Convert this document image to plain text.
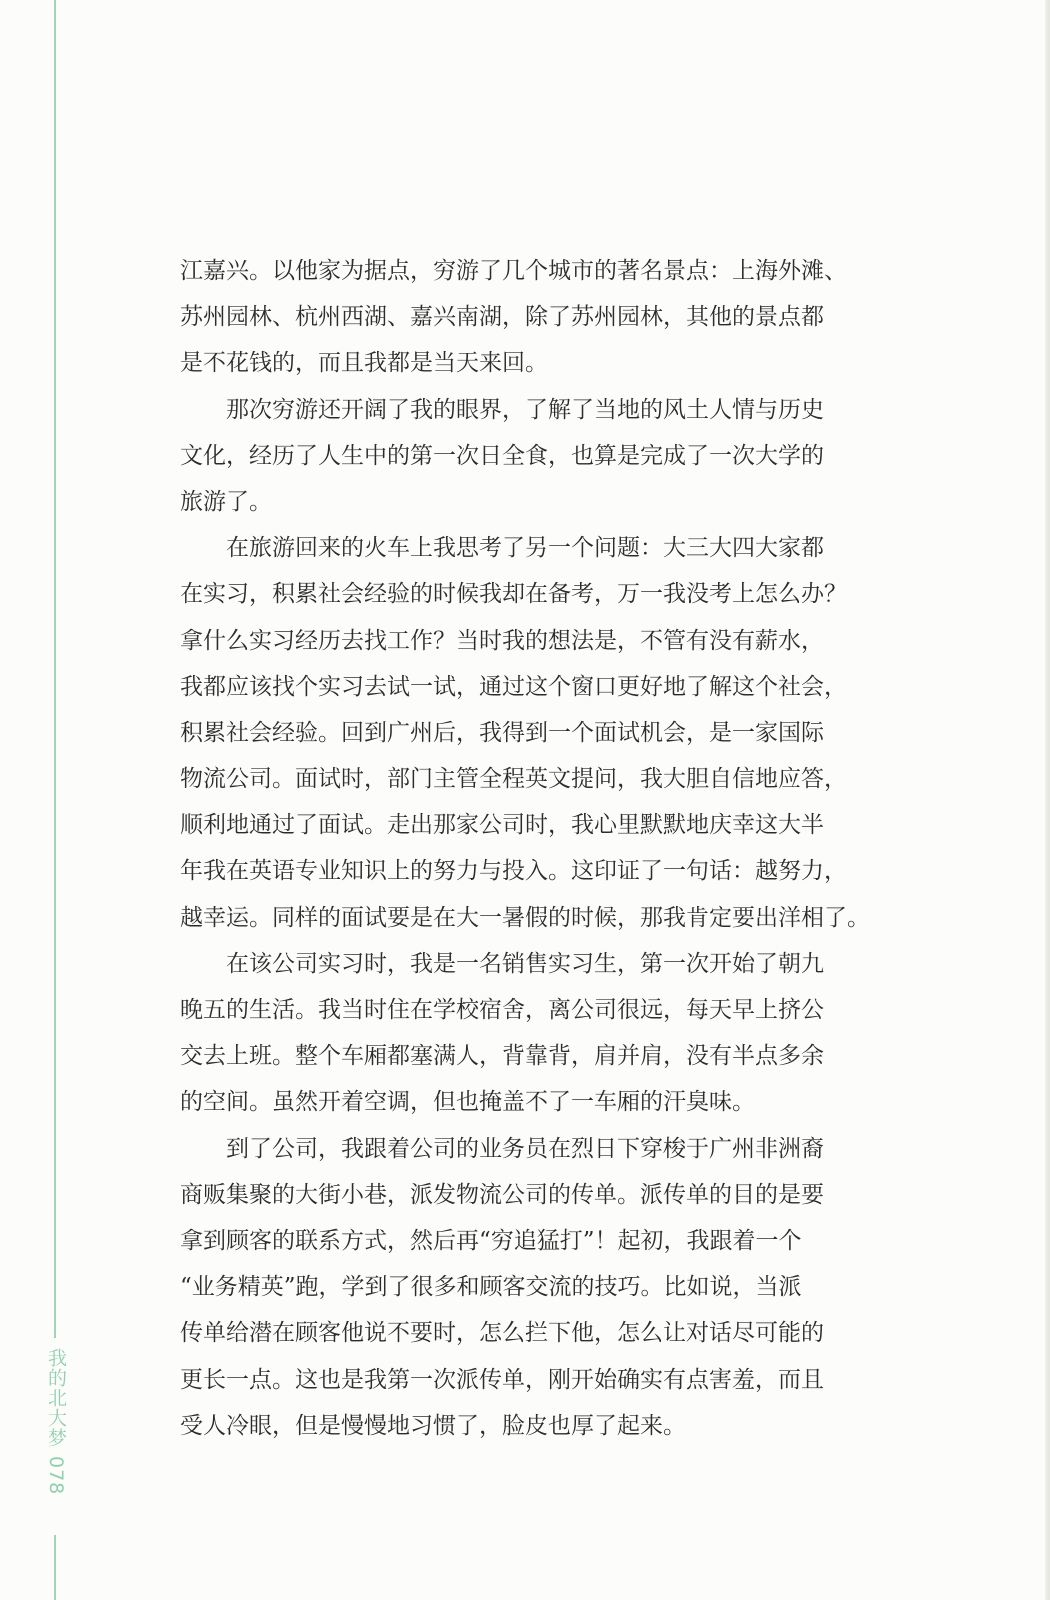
我的北大梦
078
江嘉兴。以他家为据点，穷游了几个城市的著名景点：上海外滩、
苏州园林、杭州西湖、嘉兴南湖，除了苏州园林，其他的景点都
是不花钱的，而且我都是当天来回。
那次穷游还开阔了我的眼界，了解了当地的风土人情与历史
文化，经历了人生中的第一次日全食，也算是完成了一次大学的
旅游了。
在旅游回来的火车上我思考了另一个问题：大三大四大家都
在实习，积累社会经验的时候我却在备考，万一我没考上怎么办？
拿什么实习经历去找工作？当时我的想法是，不管有没有薪水，
我都应该找个实习去试一试，通过这个窗口更好地了解这个社会，
积累社会经验。回到广州后，我得到一个面试机会，是一家国际
物流公司。面试时，部门主管全程英文提问，我大胆自信地应答，
顺利地通过了面试。走出那家公司时，我心里默默地庆幸这大半
年我在英语专业知识上的努力与投入。这印证了一句话：越努力，
越幸运。同样的面试要是在大一暑假的时候，那我肯定要出洋相了。
在该公司实习时，我是一名销售实习生，第一次开始了朝九
晚五的生活。我当时住在学校宿舍，离公司很远，每天早上挤公
交去上班。整个车厢都塞满人，背靠背，肩并肩，没有半点多余
的空间。虽然开着空调，但也掩盖不了一车厢的汗臭味。
到了公司，我跟着公司的业务员在烈日下穿梭于广州非洲裔
商贩集聚的大街小巷，派发物流公司的传单。派传单的目的是要
拿到顾客的联系方式，然后再“穷追猛打”！起初，我跟着一个
“业务精英”跑，学到了很多和顾客交流的技巧。比如说，当派
传单给潜在顾客他说不要时，怎么拦下他，怎么让对话尽可能的
更长一点。这也是我第一次派传单，刚开始确实有点害羞，而且
受人冷眼，但是慢慢地习惯了，脸皮也厚了起来。
